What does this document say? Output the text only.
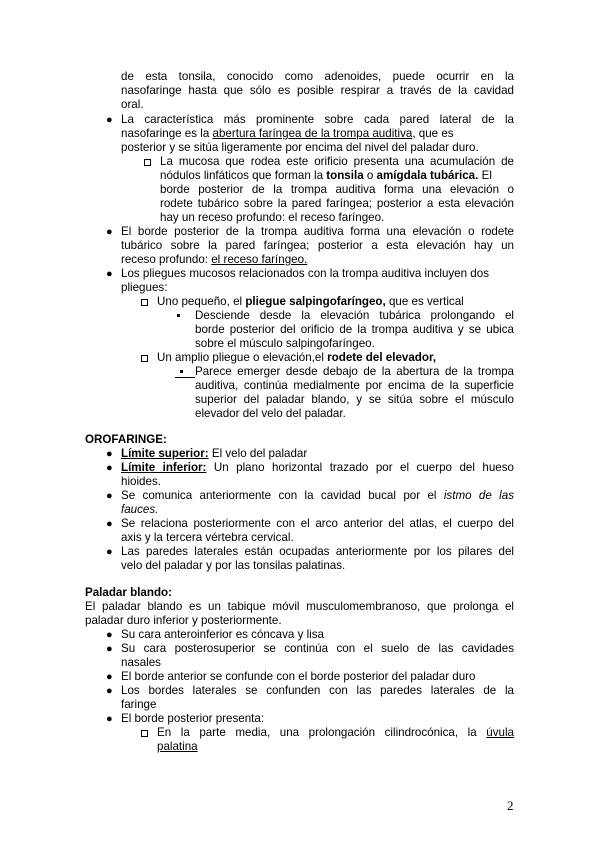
de esta tonsila, conocido como adenoides, puede ocurrir en la
nasofaringe hasta que sólo es posible respirar a través de la cavidad
oral.
● La característica más prominente sobre cada pared lateral de la
nasofaringe es la abertura faríngea de la trompa auditiva, que es
posterior y se sitúa ligeramente por encima del nivel del paladar duro.
La mucosa que rodea este orificio presenta una acumulación de
nódulos linfáticos que forman la tonsila o amígdala tubárica. El
borde posterior de la trompa auditiva forma una elevación o
rodete tubárico sobre la pared faríngea; posterior a esta elevación
hay un receso profundo: el receso faríngeo.
● El borde posterior de la trompa auditiva forma una elevación o rodete
tubárico sobre la pared faríngea; posterior a esta elevación hay un
receso profundo: el receso faríngeo.
● Los pliegues mucosos relacionados con la trompa auditiva incluyen dos
pliegues:
Uno pequeño, el pliegue salpingofaríngeo, que es vertical
Desciende desde la elevación tubárica prolongando el
borde posterior del orificio de la trompa auditiva y se ubica
sobre el músculo salpingofaríngeo.
Un amplio pliegue o elevación,el rodete del elevador,
Parece emerger desde debajo de la abertura de la trompa
auditiva, continúa medialmente por encima de la superficie
superior del paladar blando, y se sitúa sobre el músculo
elevador del velo del paladar.
OROFARINGE:
● Límite superior: El velo del paladar
● Límite inferior: Un plano horizontal trazado por el cuerpo del hueso
hioides.
● Se comunica anteriormente con la cavidad bucal por el istmo de las
fauces.
● Se relaciona posteriormente con el arco anterior del atlas, el cuerpo del
axis y la tercera vértebra cervical.
● Las paredes laterales están ocupadas anteriormente por los pilares del
velo del paladar y por las tonsilas palatinas.
Paladar blando:
El paladar blando es un tabique móvil musculomembranoso, que prolonga el
paladar duro inferior y posteriormente.
● Su cara anteroinferior es cóncava y lisa
● Su cara posterosuperior se continúa con el suelo de las cavidades
nasales
● El borde anterior se confunde con el borde posterior del paladar duro
● Los bordes laterales se confunden con las paredes laterales de la
faringe
● El borde posterior presenta:
En la parte media, una prolongación cilindrocónica, la úvula
palatina
2
